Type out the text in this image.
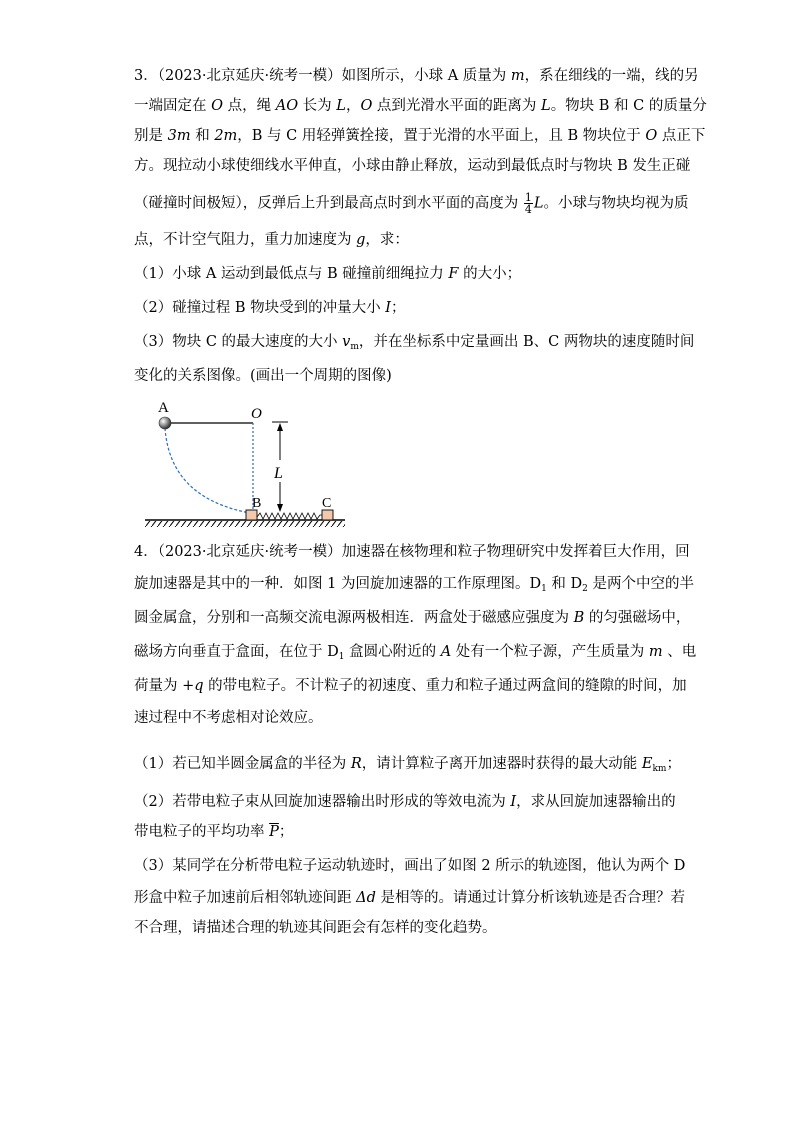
3．（2023·北京延庆·统考一模）如图所示，小球 A 质量为 m，系在细线的一端，线的另
一端固定在 O 点，绳 AO 长为 L，O 点到光滑水平面的距离为 L。物块 B 和 C 的质量分
别是 3m 和 2m，B 与 C 用轻弹簧拴接，置于光滑的水平面上，且 B 物块位于 O 点正下
方。现拉动小球使细线水平伸直，小球由静止释放，运动到最低点时与物块 B 发生正碰
（碰撞时间极短），反弹后上升到最高点时到水平面的高度为 $\frac{1}{4}$ L。小球与物块均视为质
点，不计空气阻力，重力加速度为 g，求：
（1）小球 A 运动到最低点与 B 碰撞前细绳拉力 F 的大小；
（2）碰撞过程 B 物块受到的冲量大小 I；
（3）物块 C 的最大速度的大小 $v_m$，并在坐标系中定量画出 B、C 两物块的速度随时间
变化的关系图像。(画出一个周期的图像)
A	O
L
B	C
4．（2023·北京延庆·统考一模）加速器在核物理和粒子物理研究中发挥着巨大作用，回
旋加速器是其中的一种．如图 1 为回旋加速器的工作原理图。$D_1$ 和 $D_2$ 是两个中空的半
圆金属盒，分别和一高频交流电源两极相连．两盒处于磁感应强度为 B 的匀强磁场中，
磁场方向垂直于盒面，在位于 $D_1$ 盒圆心附近的 A 处有一个粒子源，产生质量为 m 、电
荷量为 +q 的带电粒子。不计粒子的初速度、重力和粒子通过两盒间的缝隙的时间，加
速过程中不考虑相对论效应。
（1）若已知半圆金属盒的半径为 R，请计算粒子离开加速器时获得的最大动能 $E_{km}$；
（2）若带电粒子束从回旋加速器输出时形成的等效电流为 I，求从回旋加速器输出的
带电粒子的平均功率 $\overline{P}$；
（3）某同学在分析带电粒子运动轨迹时，画出了如图 2 所示的轨迹图，他认为两个 D
形盒中粒子加速前后相邻轨迹间距 Δd 是相等的。请通过计算分析该轨迹是否合理？若
不合理，请描述合理的轨迹其间距会有怎样的变化趋势。
